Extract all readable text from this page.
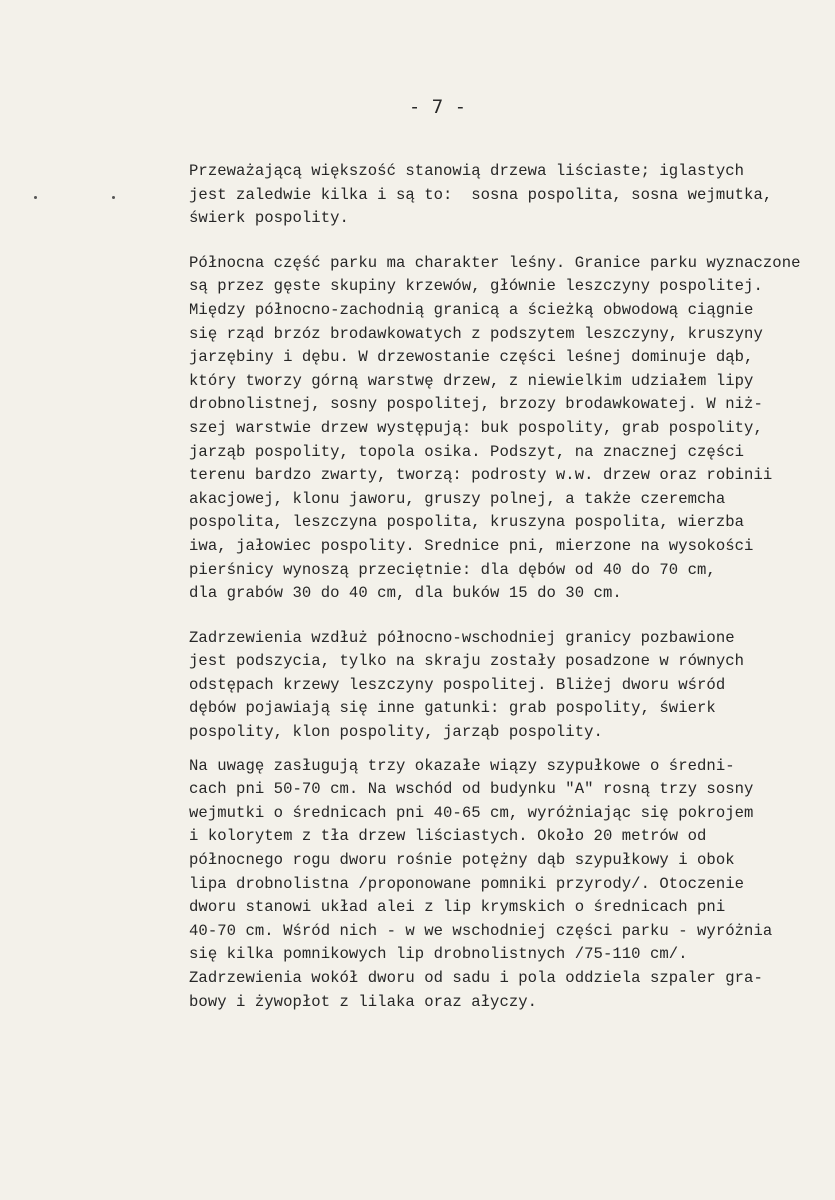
- 7 -
Przeważającą większość stanowią drzewa liściaste; iglastych
jest zaledwie kilka i są to:  sosna pospolita, sosna wejmutka,
świerk pospolity.
Północna część parku ma charakter leśny. Granice parku wyznaczone
są przez gęste skupiny krzewów, głównie leszczyny pospolitej.
Między północno-zachodnią granicą a ścieżką obwodową ciągnie
się rząd brzóz brodawkowatych z podszytem leszczyny, kruszyny
jarzębiny i dębu. W drzewostanie części leśnej dominuje dąb,
który tworzy górną warstwę drzew, z niewielkim udziałem lipy
drobnolistnej, sosny pospolitej, brzozy brodawkowatej. W niż-
szej warstwie drzew występują: buk pospolity, grab pospolity,
jarząb pospolity, topola osika. Podszyt, na znacznej części
terenu bardzo zwarty, tworzą: podrosty w.w. drzew oraz robinii
akacjowej, klonu jaworu, gruszy polnej, a także czeremcha
pospolita, leszczyna pospolita, kruszyna pospolita, wierzba
iwa, jałowiec pospolity. Srednice pni, mierzone na wysokości
pierśnicy wynoszą przeciętnie: dla dębów od 40 do 70 cm,
dla grabów 30 do 40 cm, dla buków 15 do 30 cm.
Zadrzewienia wzdłuż północno-wschodniej granicy pozbawione
jest podszycia, tylko na skraju zostały posadzone w równych
odstępach krzewy leszczyny pospolitej. Bliżej dworu wśród
dębów pojawiają się inne gatunki: grab pospolity, świerk
pospolity, klon pospolity, jarząb pospolity.
Na uwagę zasługują trzy okazałe wiązy szypułkowe o średni-
cach pni 50-70 cm. Na wschód od budynku "A" rosną trzy sosny
wejmutki o średnicach pni 40-65 cm, wyróżniając się pokrojem
i kolorytem z tła drzew liściastych. Około 20 metrów od
północnego rogu dworu rośnie potężny dąb szypułkowy i obok
lipa drobnolistna /proponowane pomniki przyrody/. Otoczenie
dworu stanowi układ alei z lip krymskich o średnicach pni
40-70 cm. Wśród nich - w we wschodniej części parku - wyróżnia
się kilka pomnikowych lip drobnolistnych /75-110 cm/.
Zadrzewienia wokół dworu od sadu i pola oddziela szpaler gra-
bowy i żywopłot z lilaka oraz ałyczy.
